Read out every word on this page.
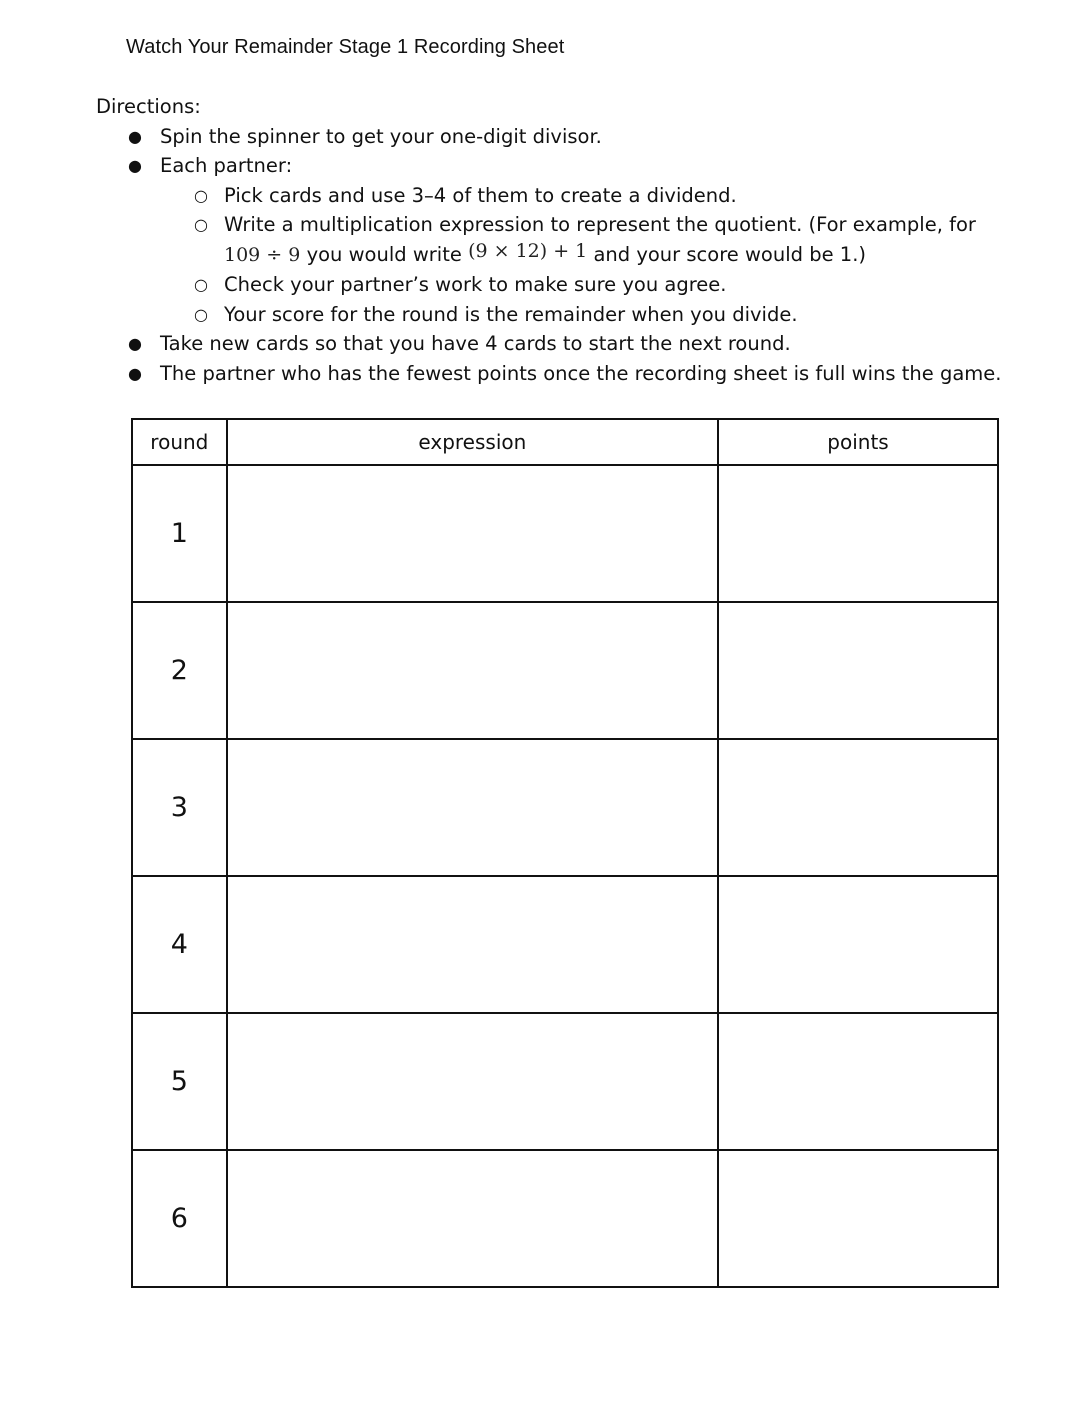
Watch Your Remainder Stage 1 Recording Sheet

Directions:

● Spin the spinner to get your one-digit divisor.
● Each partner:
○ Pick cards and use 3–4 of them to create a dividend.
○ Write a multiplication expression to represent the quotient. (For example, for
109 ÷ 9 you would write (9 × 12) + 1 and your score would be 1.)
○ Check your partner’s work to make sure you agree.
○ Your score for the round is the remainder when you divide.
● Take new cards so that you have 4 cards to start the next round.
● The partner who has the fewest points once the recording sheet is full wins the game.
round	expression	points
1		
2		
3		
4		
5		
6		
